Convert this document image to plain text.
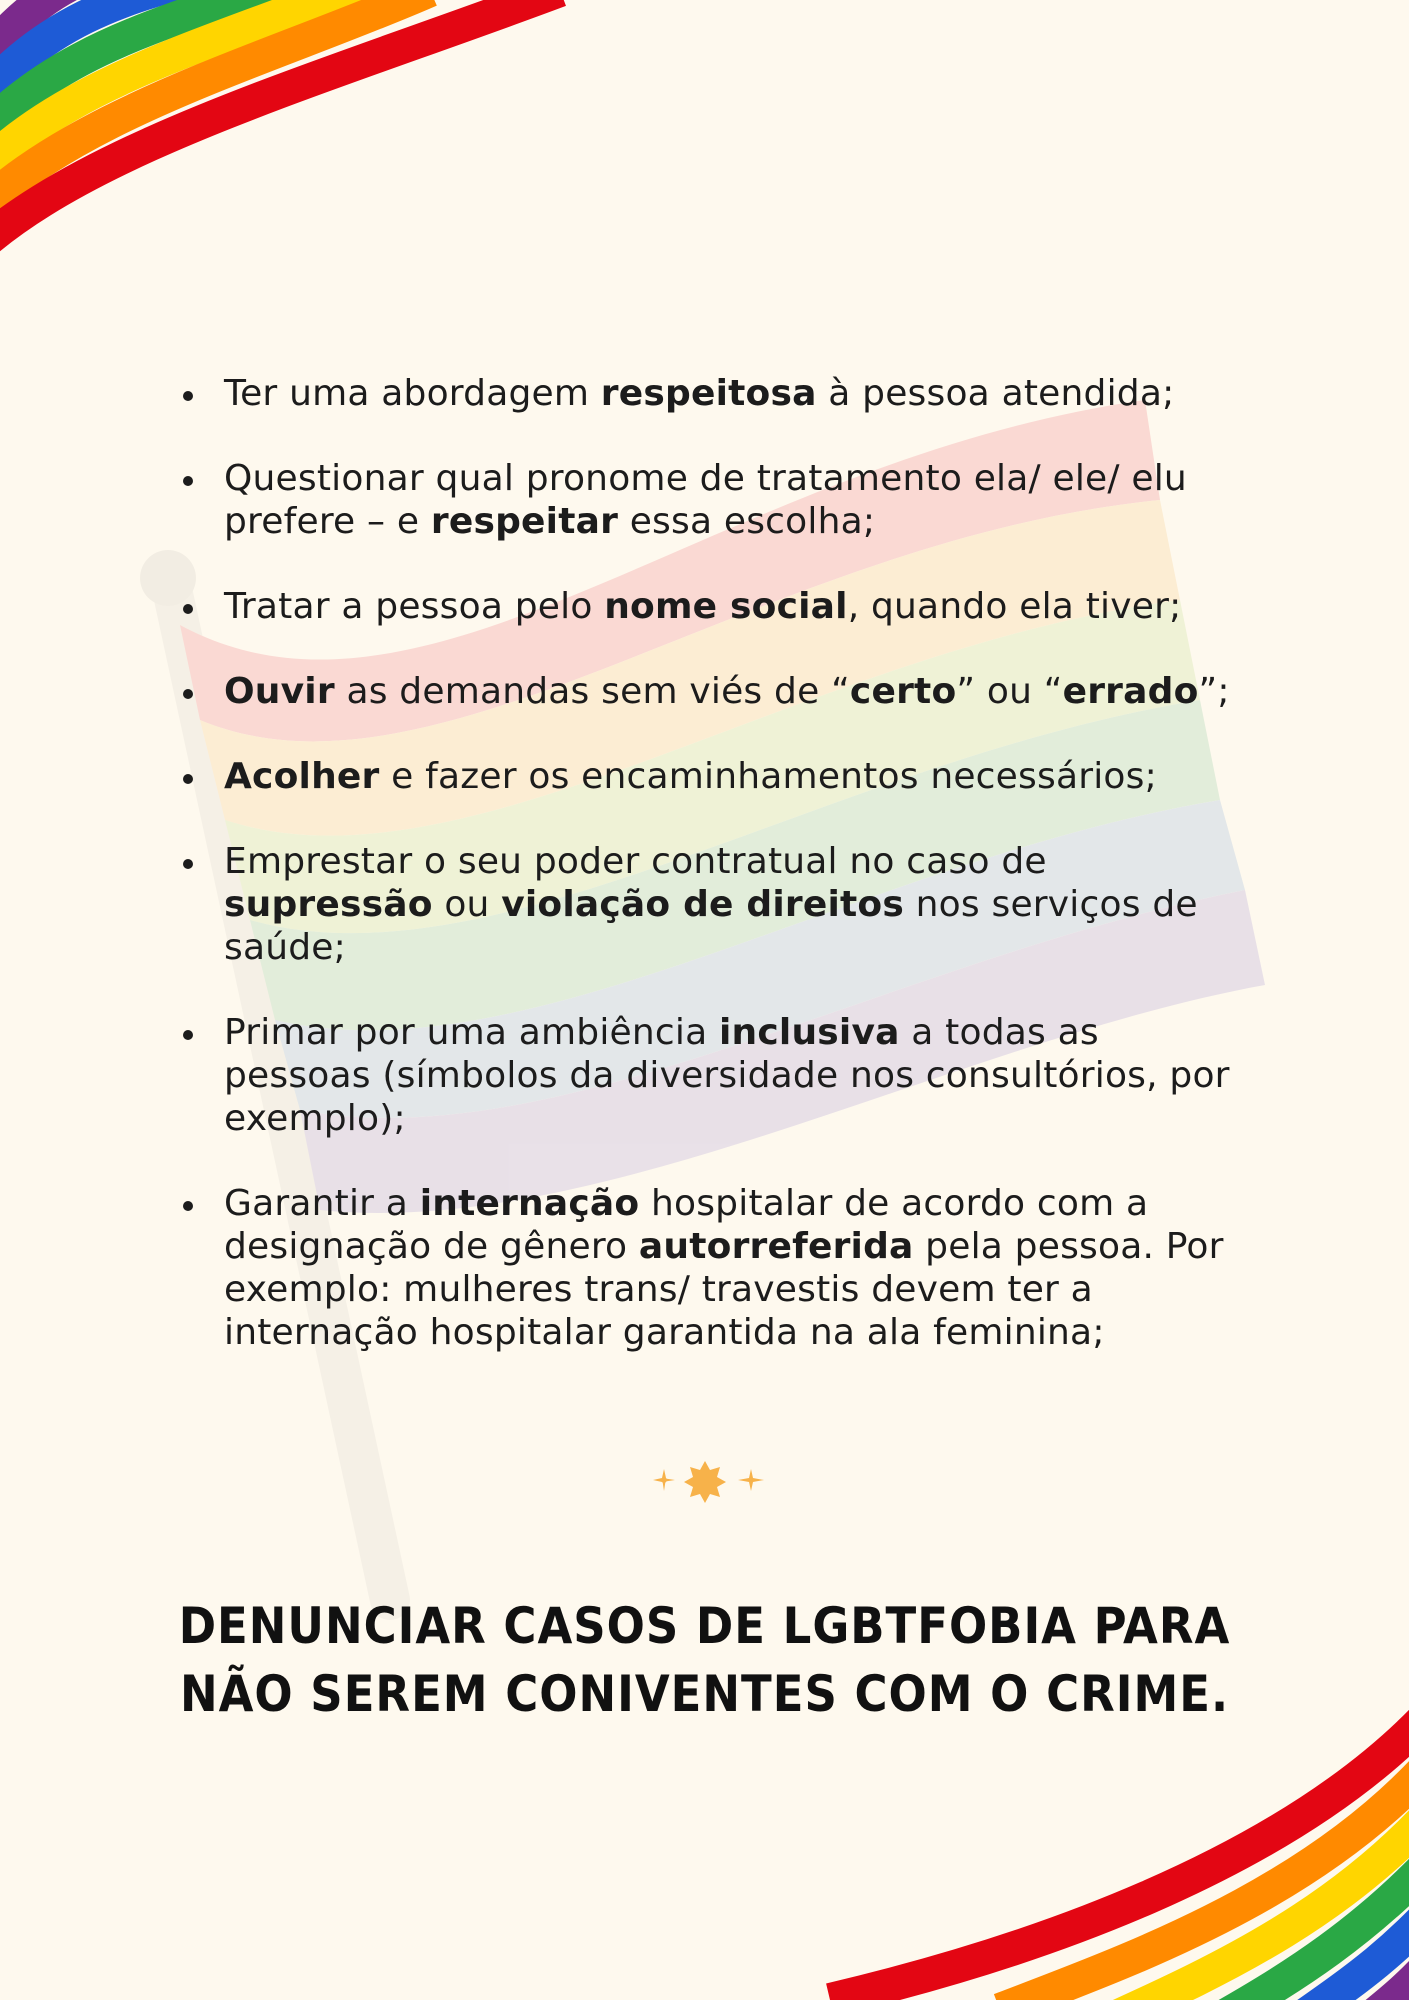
Ter uma abordagem respeitosa à pessoa atendida;
Questionar qual pronome de tratamento ela/ ele/ elu prefere – e respeitar essa escolha;
Tratar a pessoa pelo nome social, quando ela tiver;
Ouvir as demandas sem viés de “certo” ou “errado”;
Acolher e fazer os encaminhamentos necessários;
Emprestar o seu poder contratual no caso de supressão ou violação de direitos nos serviços de saúde;
Primar por uma ambiência inclusiva a todas as pessoas (símbolos da diversidade nos consultórios, por exemplo);
Garantir a internação hospitalar de acordo com a designação de gênero autorreferida pela pessoa. Por exemplo: mulheres trans/ travestis devem ter a internação hospitalar garantida na ala feminina;
DENUNCIAR CASOS DE LGBTFOBIA PARA
NÃO SEREM CONIVENTES COM O CRIME.
